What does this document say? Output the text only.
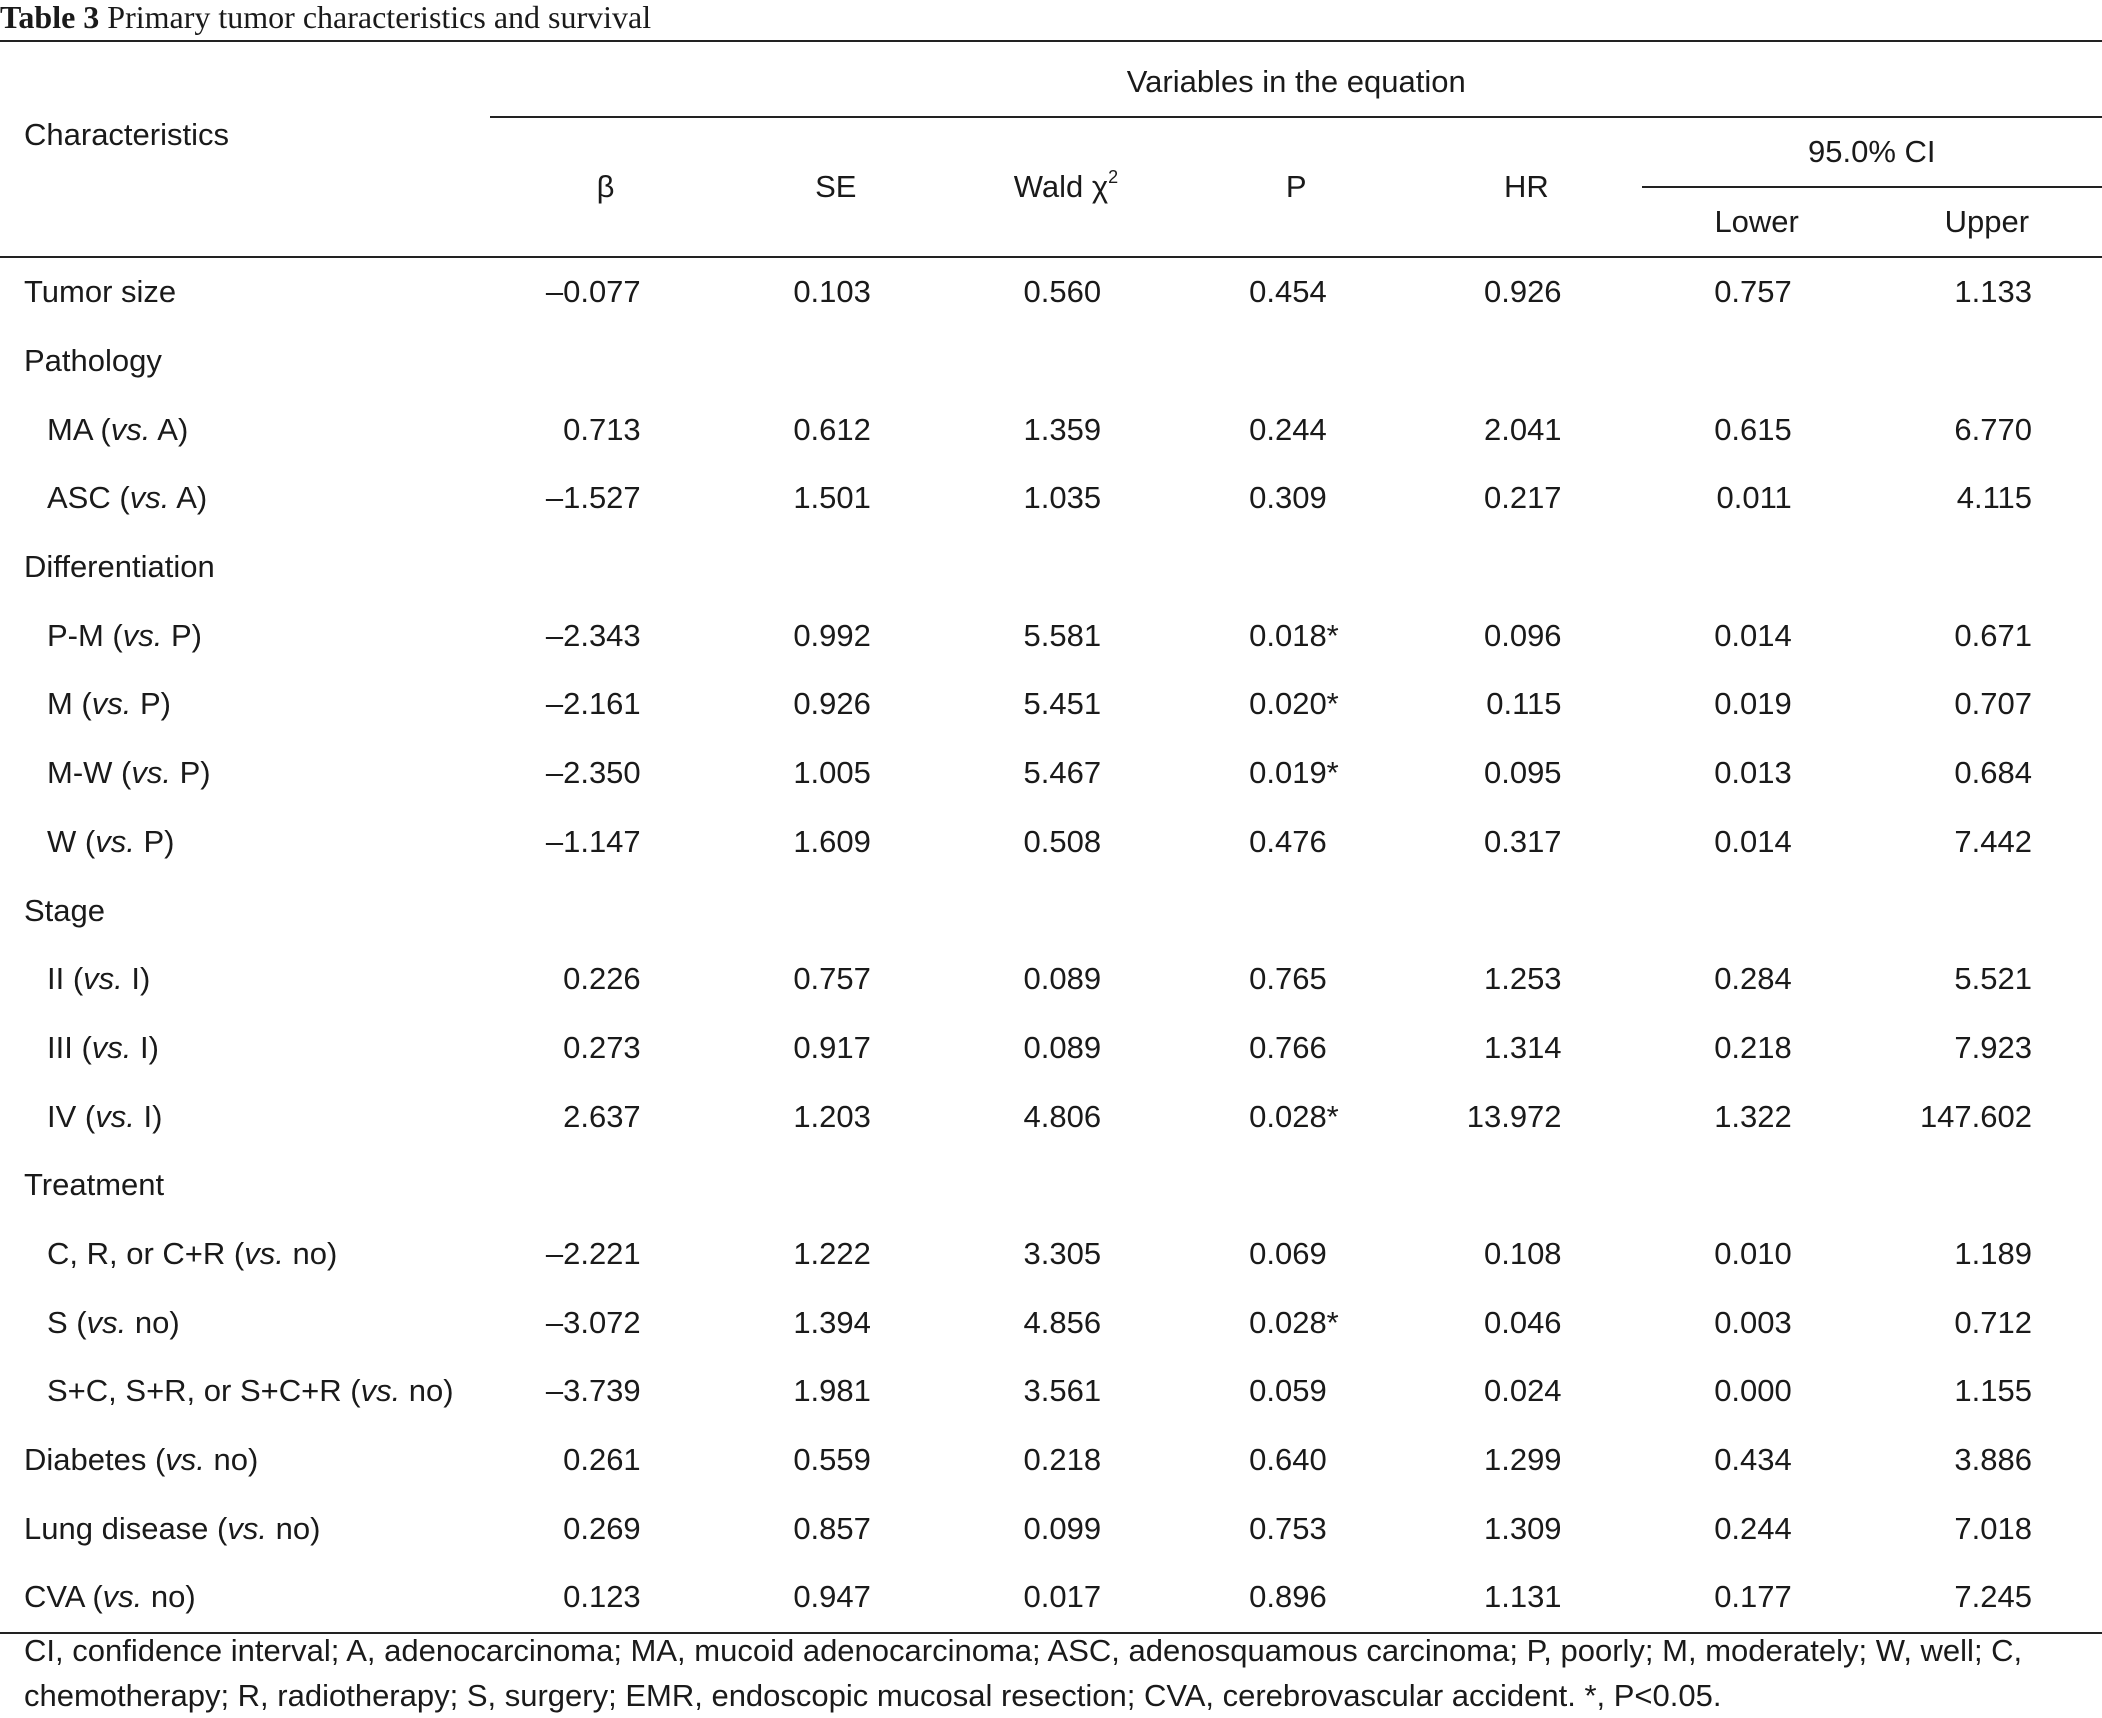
Table 3 Primary tumor characteristics and survival
Characteristics	Variables in the equation						
	β	SE	Wald $\chi^2$	P	HR	95.0% CI	
						Lower	Upper
Tumor size	–0.077	0.103	0.560	0.454	0.926	0.757	1.133
Pathology							
MA (vs. A)	0.713	0.612	1.359	0.244	2.041	0.615	6.770
ASC (vs. A)	–1.527	1.501	1.035	0.309	0.217	0.011	4.115
Differentiation							
P-M (vs. P)	–2.343	0.992	5.581	0.018*	0.096	0.014	0.671
M (vs. P)	–2.161	0.926	5.451	0.020*	0.115	0.019	0.707
M-W (vs. P)	–2.350	1.005	5.467	0.019*	0.095	0.013	0.684
W (vs. P)	–1.147	1.609	0.508	0.476	0.317	0.014	7.442
Stage							
II (vs. I)	0.226	0.757	0.089	0.765	1.253	0.284	5.521
III (vs. I)	0.273	0.917	0.089	0.766	1.314	0.218	7.923
IV (vs. I)	2.637	1.203	4.806	0.028*	13.972	1.322	147.602
Treatment							
C, R, or C+R (vs. no)	–2.221	1.222	3.305	0.069	0.108	0.010	1.189
S (vs. no)	–3.072	1.394	4.856	0.028*	0.046	0.003	0.712
S+C, S+R, or S+C+R (vs. no)	–3.739	1.981	3.561	0.059	0.024	0.000	1.155
Diabetes (vs. no)	0.261	0.559	0.218	0.640	1.299	0.434	3.886
Lung disease (vs. no)	0.269	0.857	0.099	0.753	1.309	0.244	7.018
CVA (vs. no)	0.123	0.947	0.017	0.896	1.131	0.177	7.245
CI, confidence interval; A, adenocarcinoma; MA, mucoid adenocarcinoma; ASC, adenosquamous carcinoma; P, poorly; M, moderately; W, well; C, chemotherapy; R, radiotherapy; S, surgery; EMR, endoscopic mucosal resection; CVA, cerebrovascular accident. *, P<0.05.
